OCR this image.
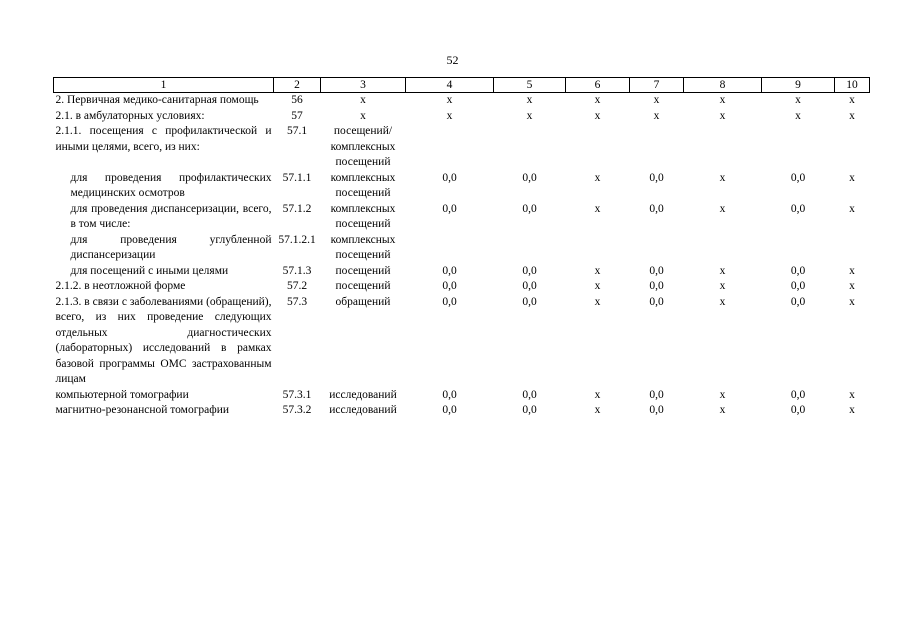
52
1	2	3	4	5	6	7	8	9	10

2. Первичная медико-санитарная помощь	56	х	х	х	х	х	х	х	х

2.1. в амбулаторных условиях:	57	х	х	х	х	х	х	х	х

2.1.1. посещения с профилактической и иными целями, всего, из них:	57.1	посещений/ комплексных посещений							

для проведения профилактических медицинских осмотров	57.1.1	комплексных посещений	0,0	0,0	х	0,0	х	0,0	х

для проведения диспансеризации, всего, в том числе:	57.1.2	комплексных посещений	0,0	0,0	х	0,0	х	0,0	х

для проведения углубленной диспансеризации	57.1.2.1	комплексных посещений							

для посещений с иными целями	57.1.3	посещений	0,0	0,0	х	0,0	х	0,0	х

2.1.2. в неотложной форме	57.2	посещений	0,0	0,0	х	0,0	х	0,0	х

2.1.3. в связи с заболеваниями (обращений), всего, из них проведение следующих отдельных диагностических (лабораторных) исследований в рамках базовой программы ОМС застрахованным лицам	57.3	обращений	0,0	0,0	х	0,0	х	0,0	х

компьютерной томографии	57.3.1	исследований	0,0	0,0	х	0,0	х	0,0	х

магнитно-резонансной томографии	57.3.2	исследований	0,0	0,0	х	0,0	х	0,0	х
